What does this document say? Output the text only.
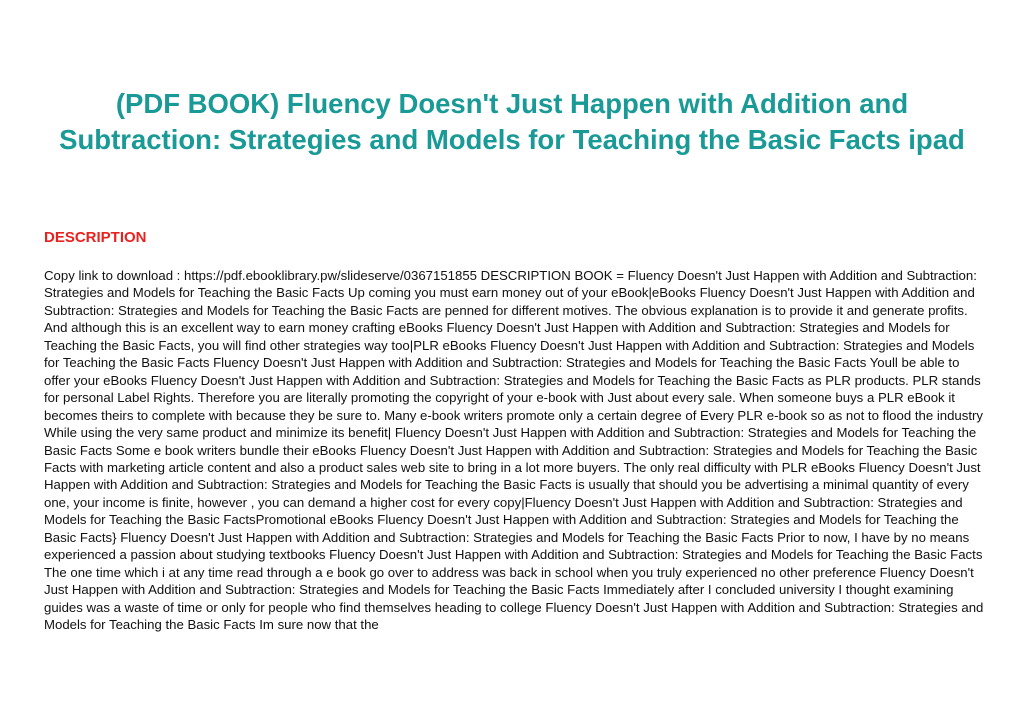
(PDF BOOK) Fluency Doesn't Just Happen with Addition and Subtraction: Strategies and Models for Teaching the Basic Facts ipad
DESCRIPTION

Copy link to download : https://pdf.ebooklibrary.pw/slideserve/0367151855 DESCRIPTION BOOK = Fluency Doesn't Just Happen with Addition and Subtraction: Strategies and Models for Teaching the Basic Facts Up coming you must earn money out of your eBook|eBooks Fluency Doesn't Just Happen with Addition and Subtraction: Strategies and Models for Teaching the Basic Facts are penned for different motives. The obvious explanation is to provide it and generate profits. And although this is an excellent way to earn money crafting eBooks Fluency Doesn't Just Happen with Addition and Subtraction: Strategies and Models for Teaching the Basic Facts, you will find other strategies way too|PLR eBooks Fluency Doesn't Just Happen with Addition and Subtraction: Strategies and Models for Teaching the Basic Facts Fluency Doesn't Just Happen with Addition and Subtraction: Strategies and Models for Teaching the Basic Facts Youll be able to offer your eBooks Fluency Doesn't Just Happen with Addition and Subtraction: Strategies and Models for Teaching the Basic Facts as PLR products. PLR stands for personal Label Rights. Therefore you are literally promoting the copyright of your e-book with Just about every sale. When someone buys a PLR eBook it becomes theirs to complete with because they be sure to. Many e-book writers promote only a certain degree of Every PLR e-book so as not to flood the industry While using the very same product and minimize its benefit| Fluency Doesn't Just Happen with Addition and Subtraction: Strategies and Models for Teaching the Basic Facts Some e book writers bundle their eBooks Fluency Doesn't Just Happen with Addition and Subtraction: Strategies and Models for Teaching the Basic Facts with marketing article content and also a product sales web site to bring in a lot more buyers. The only real difficulty with PLR eBooks Fluency Doesn't Just Happen with Addition and Subtraction: Strategies and Models for Teaching the Basic Facts is usually that should you be advertising a minimal quantity of every one, your income is finite, however , you can demand a higher cost for every copy|Fluency Doesn't Just Happen with Addition and Subtraction: Strategies and Models for Teaching the Basic FactsPromotional eBooks Fluency Doesn't Just Happen with Addition and Subtraction: Strategies and Models for Teaching the Basic Facts} Fluency Doesn't Just Happen with Addition and Subtraction: Strategies and Models for Teaching the Basic Facts Prior to now, I have by no means experienced a passion about studying textbooks Fluency Doesn't Just Happen with Addition and Subtraction: Strategies and Models for Teaching the Basic Facts The one time which i at any time read through a e book go over to address was back in school when you truly experienced no other preference Fluency Doesn't Just Happen with Addition and Subtraction: Strategies and Models for Teaching the Basic Facts Immediately after I concluded university I thought examining guides was a waste of time or only for people who find themselves heading to college Fluency Doesn't Just Happen with Addition and Subtraction: Strategies and Models for Teaching the Basic Facts Im sure now that the
